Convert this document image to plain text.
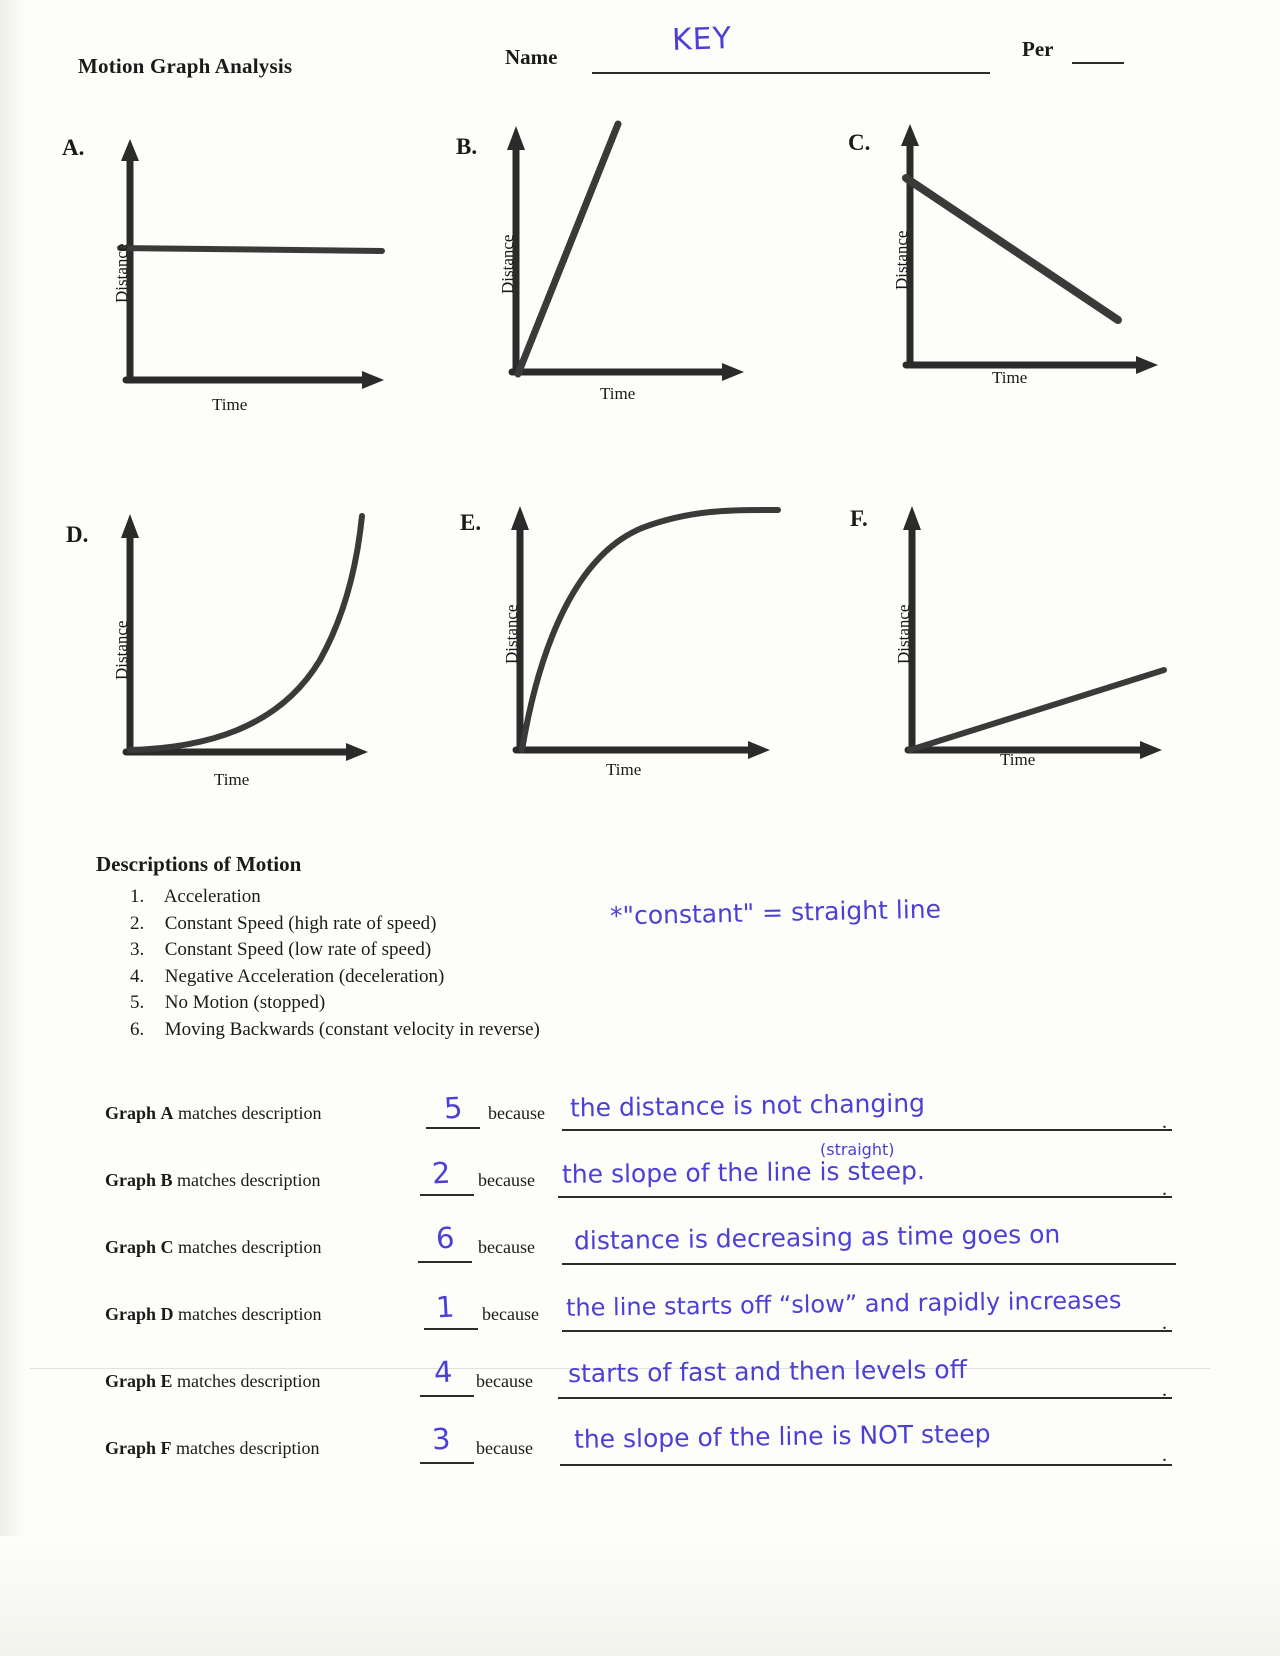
Motion Graph Analysis	Name	KEY	Per
A.
Distance
Time
B.
Distance
Time
C.
Distance
Time
D.
Distance
Time
E.
Distance
Time
F.
Distance
Time
Descriptions of Motion
1. Acceleration
2. Constant Speed (high rate of speed)
3. Constant Speed (low rate of speed)
4. Negative Acceleration (deceleration)
5. No Motion (stopped)
6. Moving Backwards (constant velocity in reverse)
*"constant" = straight line
Graph A matches description	5 because the distance is not changing	.
Graph B matches description	2 because
(straight)
the slope of the line is steep.
.
Graph C matches description	6 because distance is decreasing as time goes on
Graph D matches description	1 because the line starts off “slow” and rapidly increases
.
Graph E matches description	4 because starts of fast and then levels off
.
Graph F matches description	3 because the slope of the line is NOT steep
.
